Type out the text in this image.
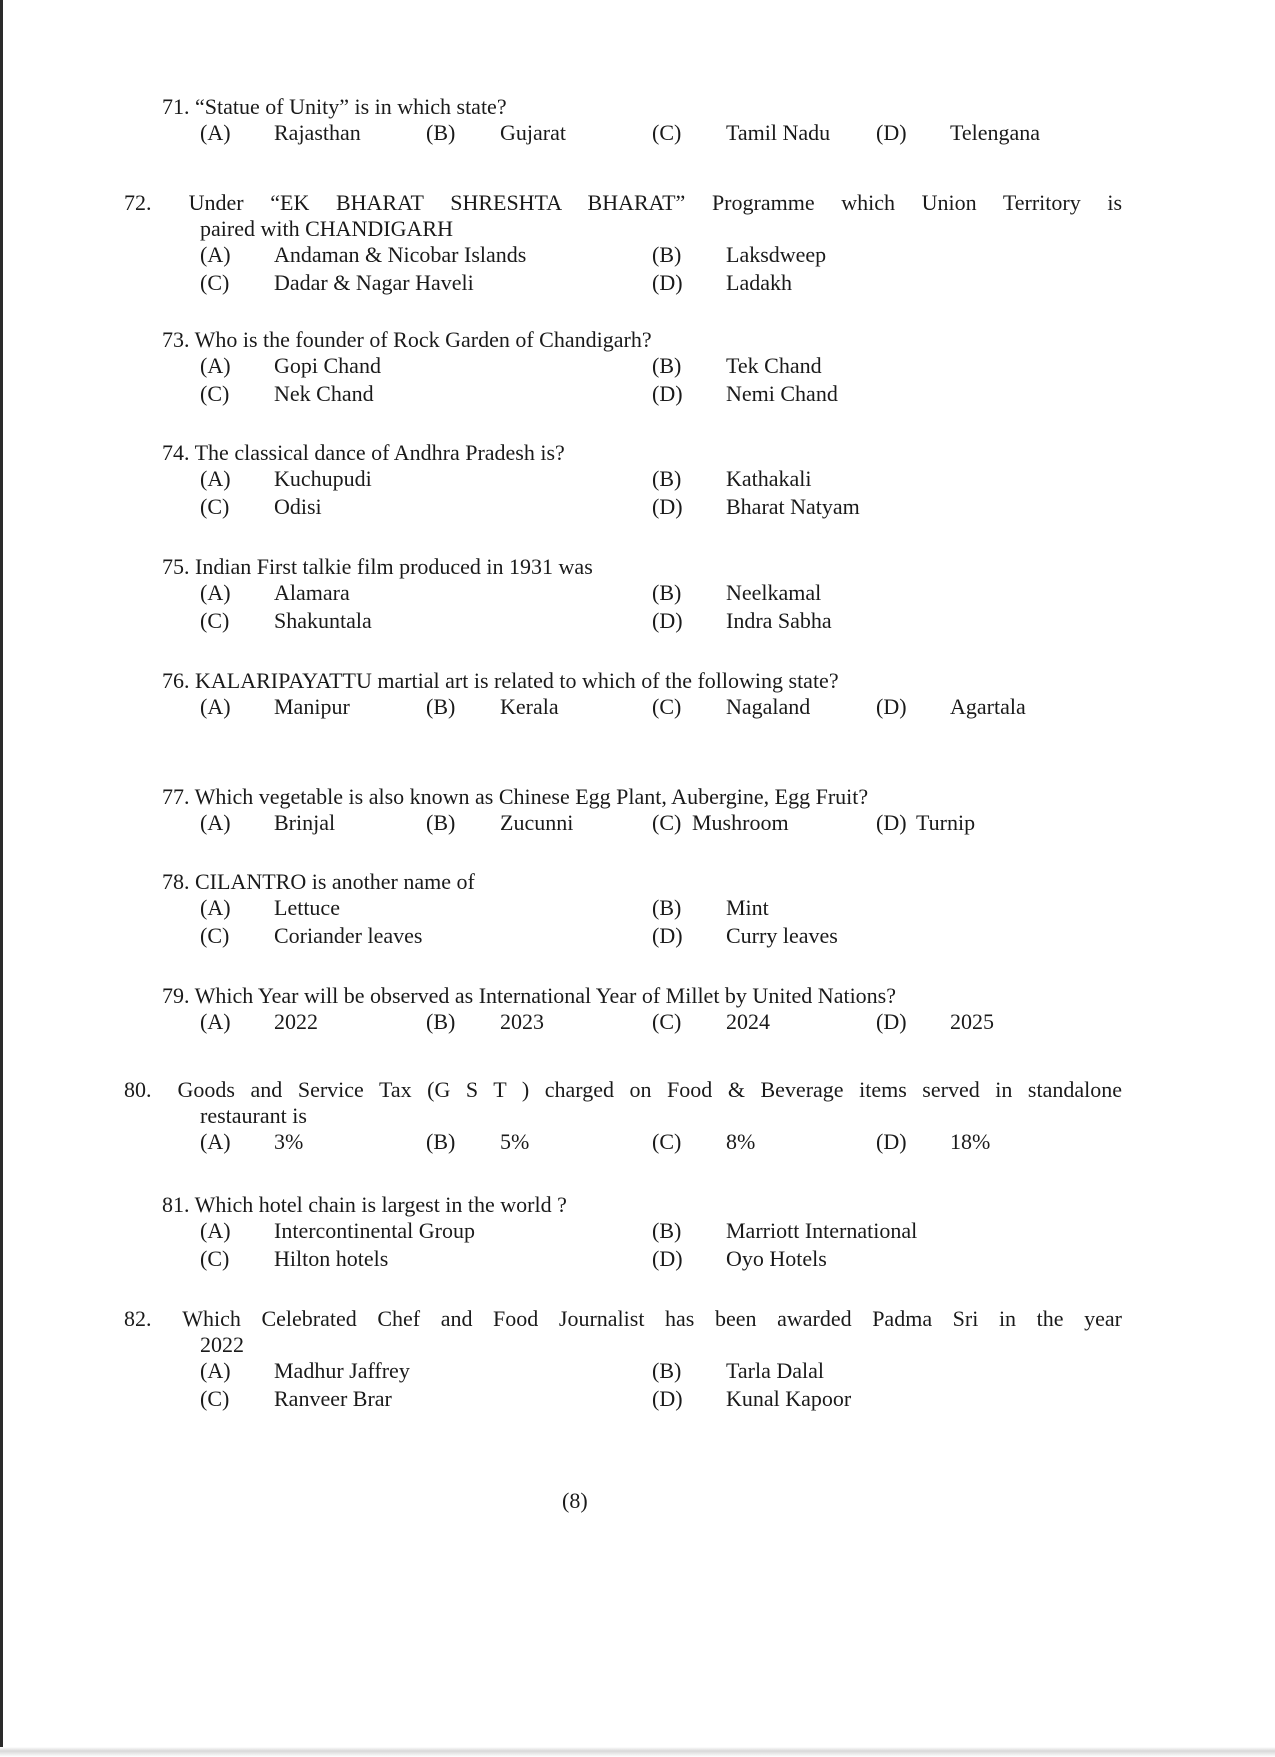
71. “Statue of Unity” is in which state?
(A) Rajasthan	(B) Gujarat	(C) Tamil Nadu (D) Telengana
72. Under “EK BHARAT SHRESHTA BHARAT” Programme which Union Territory is
paired with CHANDIGARH
(A) Andaman & Nicobar Islands	(B) Laksdweep
(C) Dadar & Nagar Haveli	(D) Ladakh
73. Who is the founder of Rock Garden of Chandigarh?
(A) Gopi Chand	(B) Tek Chand
(C) Nek Chand	(D) Nemi Chand
74. The classical dance of Andhra Pradesh is?
(A) Kuchupudi	(B) Kathakali
(C) Odisi	(D) Bharat Natyam
75. Indian First talkie film produced in 1931 was
(A) Alamara	(B) Neelkamal
(C) Shakuntala	(D) Indra Sabha
76. KALARIPAYATTU martial art is related to which of the following state?
(A) Manipur	(B) Kerala	(C) Nagaland	(D) Agartala
77. Which vegetable is also known as Chinese Egg Plant, Aubergine, Egg Fruit?
(A) Brinjal	(B) Zucunni	(C) Mushroom	(D) Turnip
78. CILANTRO is another name of
(A) Lettuce	(B) Mint
(C) Coriander leaves	(D) Curry leaves
79. Which Year will be observed as International Year of Millet by United Nations?
(A) 2022	(B) 2023	(C) 2024	(D) 2025
80. Goods and Service Tax (G S T ) charged on Food & Beverage items served in standalone
restaurant is
(A) 3%	(B) 5%	(C) 8%	(D) 18%
81. Which hotel chain is largest in the world ?
(A) Intercontinental Group	(B) Marriott International
(C) Hilton hotels	(D) Oyo Hotels
82. Which Celebrated Chef and Food Journalist has been awarded Padma Sri in the year
2022
(A) Madhur Jaffrey	(B) Tarla Dalal
(C) Ranveer Brar	(D) Kunal Kapoor
(8)
